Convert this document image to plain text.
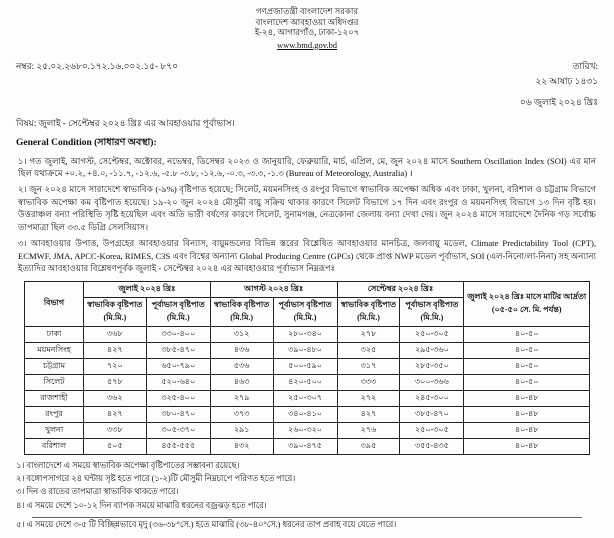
গণপ্রজাতন্ত্রী বাংলাদেশ সরকার
বাংলাদেশ আবহাওয়া অধিদপ্তর
ই-২৪, আগারগাঁও, ঢাকা-১২০৭
www.bmd.gov.bd
নম্বর: ২৫.০২.২৬৮০.১৭২.১৬.০০২.১৫- ৮৭০	তারিখ:
২২ আষাঢ় ১৪৩১
০৬ জুলাই ২০২৪ খ্রিঃ
বিষয়: জুলাই - সেপ্টেম্বর ২০২৪ খ্রিঃ এর আবহাওয়ার পূর্বাভাস।
General Condition (সাধারণ অবস্থা):
১। গত জুলাই, আগস্ট, সেপ্টেম্বর, অক্টোবর, নভেম্বর, ডিসেম্বর ২০২৩ ও জানুয়ারি, ফেব্রুয়ারি, মার্চ, এপ্রিল, মে, জুন ২০২৪ মাসে Southern Oscillation Index (SOI) এর মান ছিল যথাক্রমে +০.২, +৪.০, -১১.৭, -১২.৬, -৫.৮ -৩.৮, -১২.৬, -০.৩, -৩.৩, -১.৩ (Bureau of Meteorology, Australia) ।
২। জুন ২০২৪ মাসে সারাদেশে স্বাভাবিক (-৯%) বৃষ্টিপাত হয়েছে; সিলেট, ময়মনসিংহ ও রংপুর বিভাগে স্বাভাবিক অপেক্ষা অধিক এবং ঢাকা, খুলনা, বরিশাল ও চট্টগ্রাম বিভাগে স্বাভাবিক অপেক্ষা কম বৃষ্টিপাত হয়েছে। ১৯-২০ জুন ২০২৪ মৌসুমী বায়ু সক্রিয় থাকার কারণে সিলেট বিভাগে ১৭ দিন এবং রংপুর ও ময়মনসিংহ বিভাগে ১৩ দিন বৃষ্টি হয়। উত্তরাঞ্চল বন্যা পরিস্থিতি সৃষ্টি হয়েছিল এবং অতি ভারী বর্ষণের কারণে সিলেট, সুনামগঞ্জ, নেত্রকোনা জেলায় বন্যা দেখা দেয়। জুন ২০২৪ মাসে সারাদেশে দৈনিক গড় সর্বোচ্চ তাপমাত্রা ছিল ৩৩.৫ ডিগ্রি সেলসিয়াস।
৩। আবহাওয়ার উপাত্ত, উপগ্রহের আবহাওয়ার বিন্যাস, বায়ুমন্ডলের বিভিন্ন স্তরের বিশ্লেষিত আবহাওয়ার মানচিত্র, জলবায়ু মডেল, Climate Predictability Tool (CPT), ECMWF, JMA, APCC-Korea, RIMES, C3S এবং বিশ্বের অন্যান্য Global Producing Centre (GPCs) থেকে প্রাপ্ত NWP মডেল পূর্বাভাস, SOI (এল-নিনো/লা-নিনা) সহ অন্যান্য ইত্যাদির আবহাওয়ার বিশ্লেষণপূর্বক জুলাই - সেপ্টেম্বর ২০২৪ এর আবহাওয়ার পূর্বাভাস নিম্নরূপঃ
বিভাগ	জুলাই ২০২৪ খ্রিঃ		আগস্ট ২০২৪ খ্রিঃ		সেপ্টেম্বর ২০২৪ খ্রিঃ		জুলাই ২০২৪ খ্রিঃ মাসে মাটির আর্দ্রতা (০৫-৫০ সে. মি. পর্যন্ত)
	স্বাভাবিক বৃষ্টিপাত (মি.মি.)	পূর্বাভাস বৃষ্টিপাত (মি.মি.)	স্বাভাবিক বৃষ্টিপাত (মি.মি.)	পূর্বাভাস বৃষ্টিপাত (মি.মি.)	স্বাভাবিক বৃষ্টিপাত (মি.মি.)	পূর্বাভাস বৃষ্টিপাত (মি.মি.)	
ঢাকা	৩৬৮	৩৩০-৪০০	৩১২	২৮০-৩৪০	২৭৮	২৫০-৩০৫	৪০-৫০
ময়মনসিংহ	৪২৭	৩৮৫-৪৭০	৪৩৬	৩৯০-৪৮০	৩২৫	২৯৫-৩৬০	৪০-৫০
চট্টগ্রাম	৭২০	৬৫০-৭৯০	৫৩৬	৫০০-৫৯০	৩১৭	২৮৫-৩৫০	৪০-৫০
সিলেট	৫৭৮	৫২০-৬৪০	৪৬৩	৪২০-৫০০	৩৩৩	৩০০-৩৬৬	৪০-৫০
রাজশাহী	৩৬২	৩২৫-৪০০	২৭৯	২৫০-৩০৭	২৭২	২৪৫-৩০০	৪০-৪৮
রংপুর	৪২৭	৩৮০-৪৭০	৩৭৩	৩৪০-৪১০	৪২৭	৩৮৫-৪৭০	৪০-৪৮
খুলনা	৩৩৮	৩০৫-৩৭০	২৯১	২৬০-৩২০	২৭৬	২৫০-৩০৫	৪০-৪৮
বরিশাল	৫০৫	৪৫৫-৫৫৫	৪৩২	৩৯০-৪৭৫	৩৯৫	৩৫৫-৪৩৫	৪০-৪৮
১। বাংলাদেশে এ সময়ে স্বাভাবিক অপেক্ষা বৃষ্টিপাতের সম্ভাবনা রয়েছে।
২। বঙ্গোপসাগরে ২৪ ঘন্টায় সৃষ্ট হতে পারে (১-২)টি মৌসুমী নিম্নচাপে পরিণত হতে পারে।
৩। দিন ও রাতের তাপমাত্রা স্বাভাবিক থাকতে পারে।
৪। এ সময়ে দেশে ১০-১২ দিন ব্যাপক সময়ে মাঝারি ধরনের বজ্রঝড় হতে পারে।
৫। এ সময়ে দেশে ৩-৫ টি বিচ্ছিন্নভাবে মৃদু (৩৬-৩৮°সে.) হতে মাঝারি (৩৮-৪০°সে.) ধরনের তাপ প্রবাহ বয়ে যেতে পারে।
